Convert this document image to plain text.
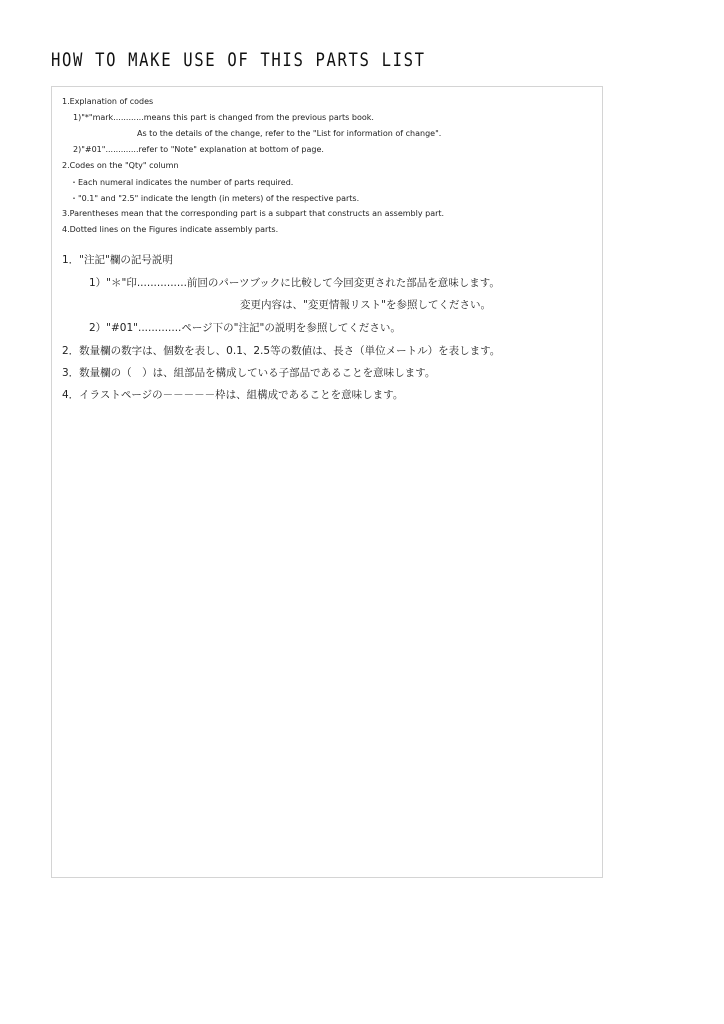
HOW TO MAKE USE OF THIS PARTS LIST
1.Explanation of codes
1)"*"mark............means this part is changed from the previous parts book.
As to the details of the change, refer to the "List for information of change".
2)"#01".............refer to "Note" explanation at bottom of page.
2.Codes on the "Qty" column
・Each numeral indicates the number of parts required.
・"0.1" and "2.5" indicate the length (in meters) of the respective parts.
3.Parentheses mean that the corresponding part is a subpart that constructs an assembly part.
4.Dotted lines on the Figures indicate assembly parts.
1．"注記"欄の記号説明
1）"＊"印...............前回のパーツブックに比較して今回変更された部品を意味します。
変更内容は、"変更情報リスト"を参照してください。
2）"#01".............ページ下の"注記"の説明を参照してください。
2．数量欄の数字は、個数を表し、0.1、2.5等の数値は、長さ（単位メートル）を表します。
3．数量欄の（　）は、組部品を構成している子部品であることを意味します。
4．イラストページの－－－－－枠は、組構成であることを意味します。
